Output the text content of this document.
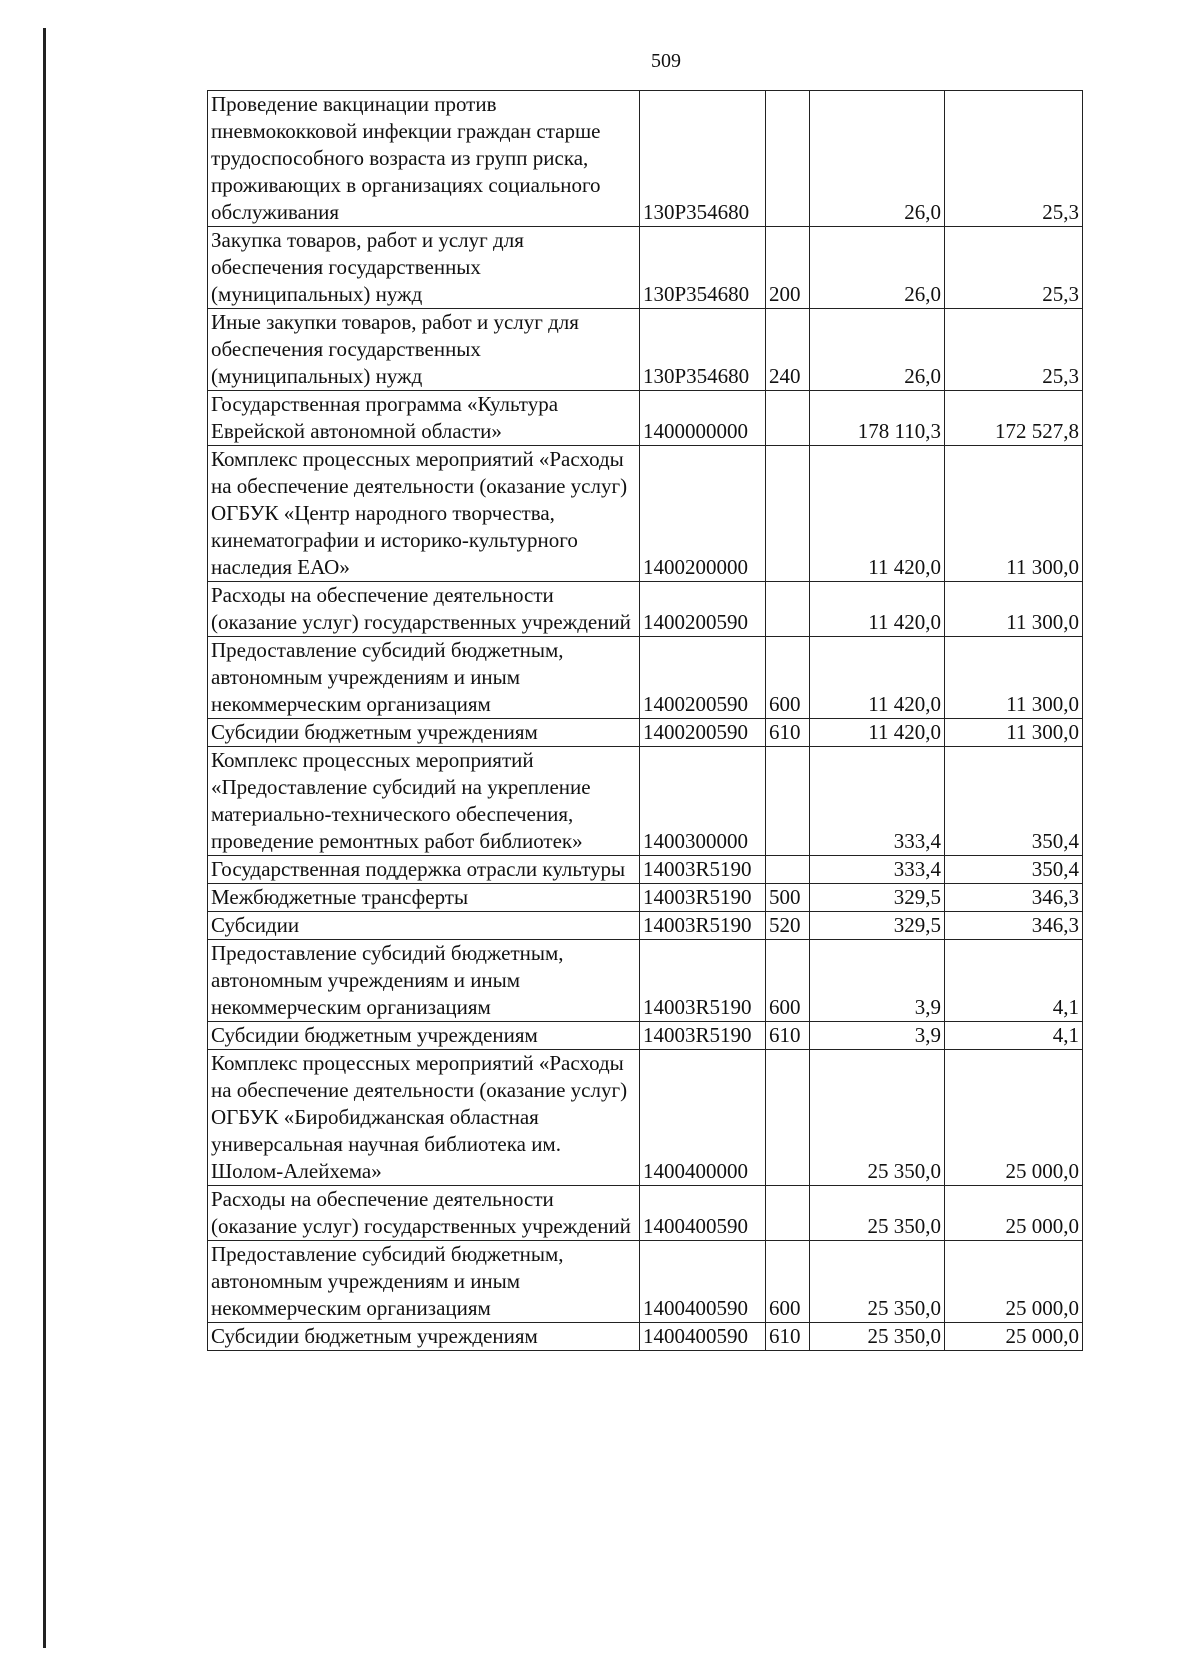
509
Проведение вакцинации против пневмококковой инфекции граждан старше трудоспособного возраста из групп риска, проживающих в организациях социального обслуживания	130P354680		26,0	25,3
Закупка товаров, работ и услуг для обеспечения государственных (муниципальных) нужд	130P354680	200	26,0	25,3
Иные закупки товаров, работ и услуг для обеспечения государственных (муниципальных) нужд	130P354680	240	26,0	25,3
Государственная программа «Культура Еврейской автономной области»	1400000000		178 110,3	172 527,8
Комплекс процессных мероприятий «Расходы на обеспечение деятельности (оказание услуг) ОГБУК «Центр народного творчества, кинематографии и историко-культурного наследия ЕАО»	1400200000		11 420,0	11 300,0
Расходы на обеспечение деятельности (оказание услуг) государственных учреждений	1400200590		11 420,0	11 300,0
Предоставление субсидий бюджетным, автономным учреждениям и иным некоммерческим организациям	1400200590	600	11 420,0	11 300,0
Субсидии бюджетным учреждениям	1400200590	610	11 420,0	11 300,0
Комплекс процессных мероприятий «Предоставление субсидий на укрепление материально-технического обеспечения, проведение ремонтных работ библиотек»	1400300000		333,4	350,4
Государственная поддержка отрасли культуры	14003R5190		333,4	350,4
Межбюджетные трансферты	14003R5190	500	329,5	346,3
Субсидии	14003R5190	520	329,5	346,3
Предоставление субсидий бюджетным, автономным учреждениям и иным некоммерческим организациям	14003R5190	600	3,9	4,1
Субсидии бюджетным учреждениям	14003R5190	610	3,9	4,1
Комплекс процессных мероприятий «Расходы на обеспечение деятельности (оказание услуг) ОГБУК «Биробиджанская областная универсальная научная библиотека им. Шолом-Алейхема»	1400400000		25 350,0	25 000,0
Расходы на обеспечение деятельности (оказание услуг) государственных учреждений	1400400590		25 350,0	25 000,0
Предоставление субсидий бюджетным, автономным учреждениям и иным некоммерческим организациям	1400400590	600	25 350,0	25 000,0
Субсидии бюджетным учреждениям	1400400590	610	25 350,0	25 000,0
